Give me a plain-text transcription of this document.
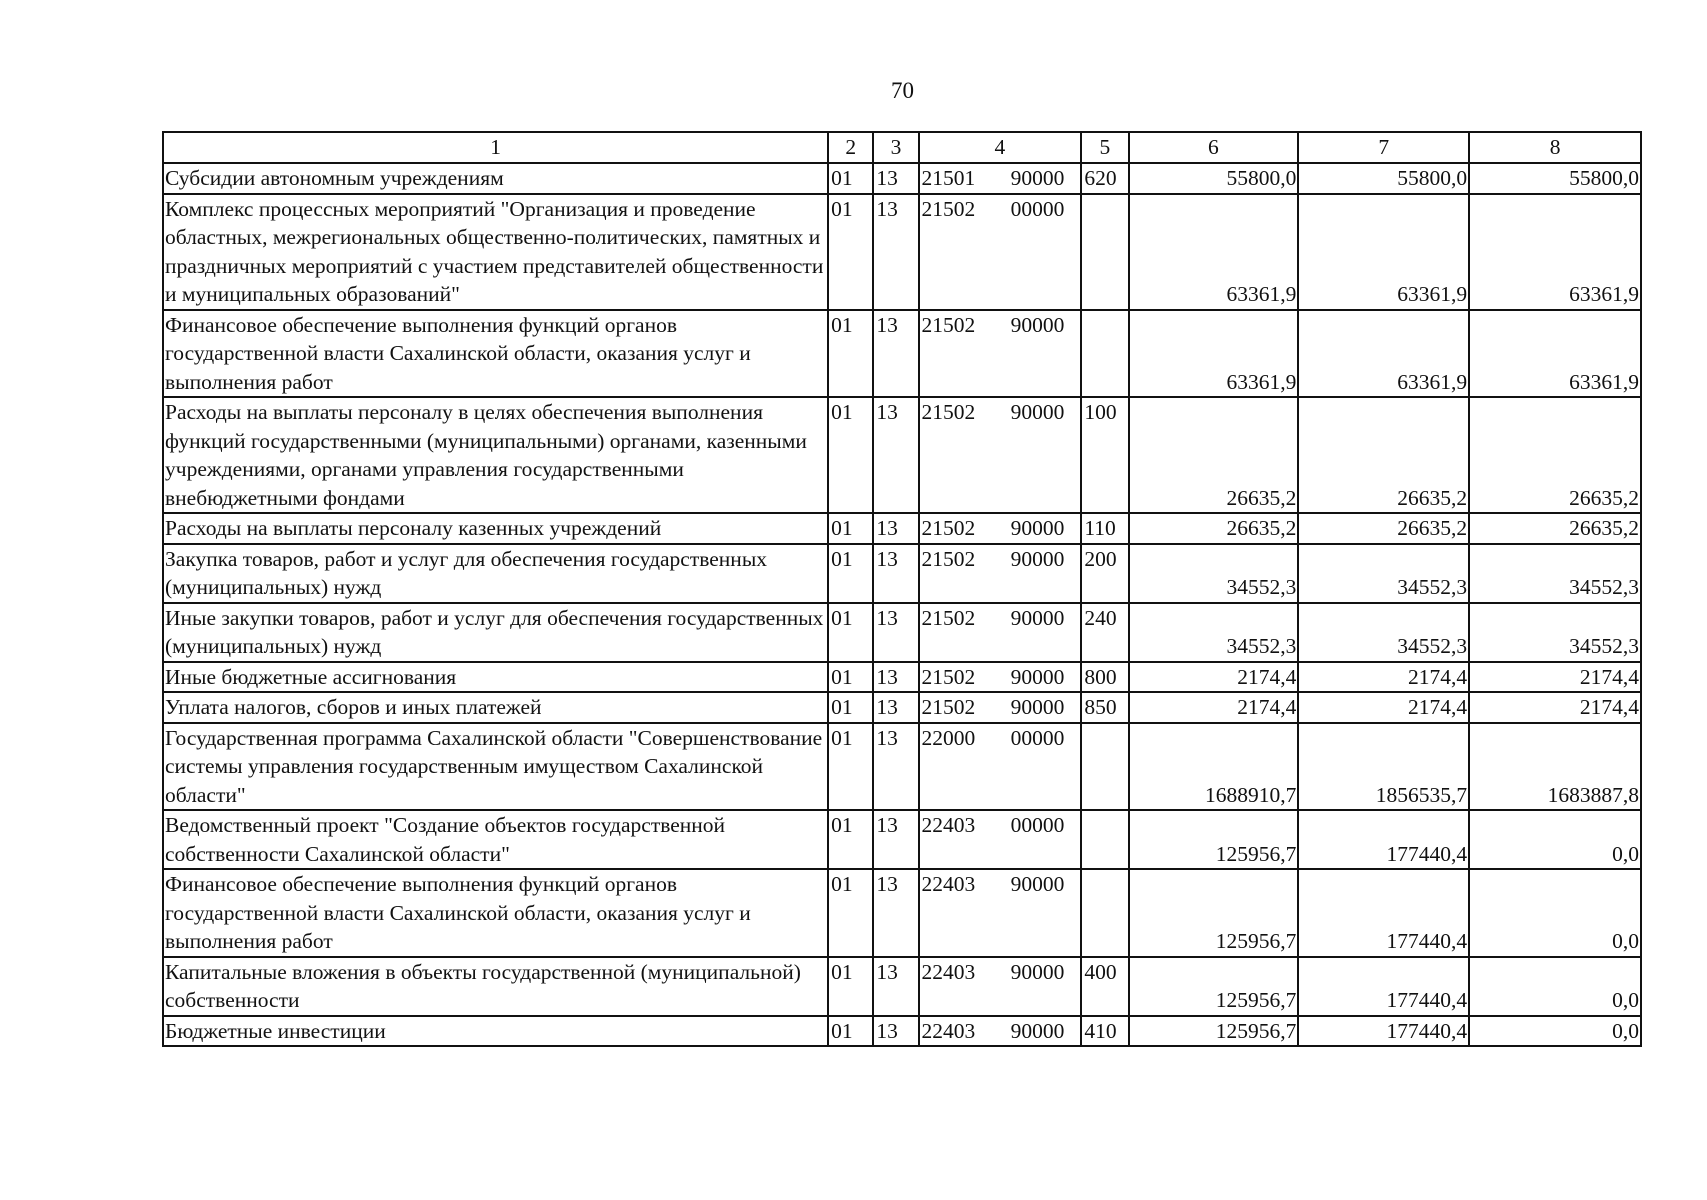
70
1	2	3	4	5	6	7	8
Субсидии автономным учреждениям	01	13	21501 90000	620	55800,0	55800,0	55800,0
Комплекс процессных мероприятий "Организация и проведение областных, межрегиональных общественно-политических, памятных и праздничных мероприятий с участием представителей общественности и муниципальных образований"	01	13	21502 00000		63361,9	63361,9	63361,9
Финансовое обеспечение выполнения функций органов государственной власти Сахалинской области, оказания услуг и выполнения работ	01	13	21502 90000		63361,9	63361,9	63361,9
Расходы на выплаты персоналу в целях обеспечения выполнения функций государственными (муниципальными) органами, казенными учреждениями, органами управления государственными внебюджетными фондами	01	13	21502 90000	100	26635,2	26635,2	26635,2
Расходы на выплаты персоналу казенных учреждений	01	13	21502 90000	110	26635,2	26635,2	26635,2
Закупка товаров, работ и услуг для обеспечения государственных (муниципальных) нужд	01	13	21502 90000	200	34552,3	34552,3	34552,3
Иные закупки товаров, работ и услуг для обеспечения государственных (муниципальных) нужд	01	13	21502 90000	240	34552,3	34552,3	34552,3
Иные бюджетные ассигнования	01	13	21502 90000	800	2174,4	2174,4	2174,4
Уплата налогов, сборов и иных платежей	01	13	21502 90000	850	2174,4	2174,4	2174,4
Государственная программа Сахалинской области "Совершенствование системы управления государственным имуществом Сахалинской области"	01	13	22000 00000		1688910,7	1856535,7	1683887,8
Ведомственный проект "Создание объектов государственной собственности Сахалинской области"	01	13	22403 00000		125956,7	177440,4	0,0
Финансовое обеспечение выполнения функций органов государственной власти Сахалинской области, оказания услуг и выполнения работ	01	13	22403 90000		125956,7	177440,4	0,0
Капитальные вложения в объекты государственной (муниципальной) собственности	01	13	22403 90000	400	125956,7	177440,4	0,0
Бюджетные инвестиции	01	13	22403 90000	410	125956,7	177440,4	0,0
